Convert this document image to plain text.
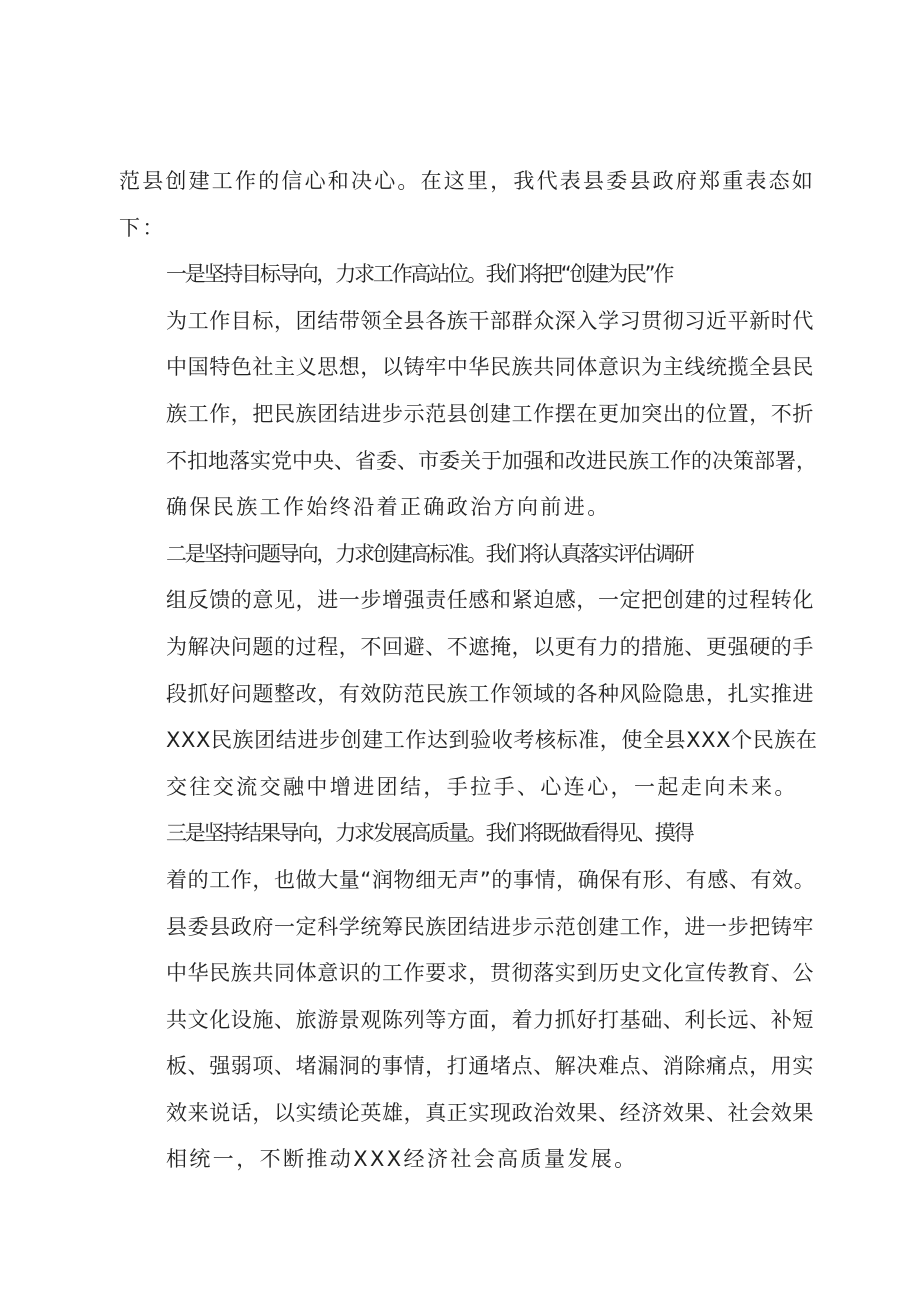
范县创建工作的信心和决心。在这里，我代表县委县政府郑重表态如
下：

一是坚持目标导向，力求工作高站位。我们将把“创建为民”作
为工作目标，团结带领全县各族干部群众深入学习贯彻习近平新时代
中国特色社主义思想，以铸牢中华民族共同体意识为主线统揽全县民
族工作，把民族团结进步示范县创建工作摆在更加突出的位置，不折
不扣地落实党中央、省委、市委关于加强和改进民族工作的决策部署，
确保民族工作始终沿着正确政治方向前进。

二是坚持问题导向，力求创建高标准。我们将认真落实评估调研
组反馈的意见，进一步增强责任感和紧迫感，一定把创建的过程转化
为解决问题的过程，不回避、不遮掩，以更有力的措施、更强硬的手
段抓好问题整改，有效防范民族工作领域的各种风险隐患，扎实推进
XXX民族团结进步创建工作达到验收考核标准，使全县XXX个民族在
交往交流交融中增进团结，手拉手、心连心，一起走向未来。

三是坚持结果导向，力求发展高质量。我们将既做看得见、摸得
着的工作，也做大量“润物细无声”的事情，确保有形、有感、有效。
县委县政府一定科学统筹民族团结进步示范创建工作，进一步把铸牢
中华民族共同体意识的工作要求，贯彻落实到历史文化宣传教育、公
共文化设施、旅游景观陈列等方面，着力抓好打基础、利长远、补短
板、强弱项、堵漏洞的事情，打通堵点、解决难点、消除痛点，用实
效来说话，以实绩论英雄，真正实现政治效果、经济效果、社会效果
相统一，不断推动XXX经济社会高质量发展。
